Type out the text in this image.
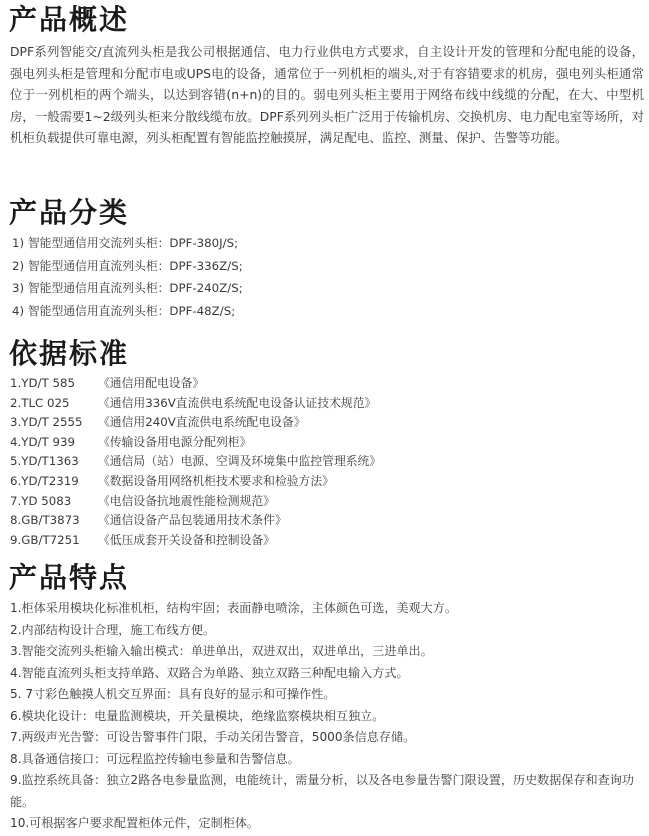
产品概述

DPF系列智能交/直流列头柜是我公司根据通信、电力行业供电方式要求，自主设计开发的管理和分配电能的设备，强电列头柜是管理和分配市电或UPS电的设备，通常位于一列机柜的端头,对于有容错要求的机房，强电列头柜通常位于一列机柜的两个端头，以达到容错(n+n)的目的。弱电列头柜主要用于网络布线中线缆的分配，在大、中型机房，一般需要1~2级列头柜来分散线缆布放。DPF系列列头柜广泛用于传输机房、交换机房、电力配电室等场所，对机柜负载提供可靠电源，列头柜配置有智能监控触摸屏，满足配电、监控、测量、保护、告警等功能。

产品分类
1) 智能型通信用交流列头柜：DPF-380J/S;
2) 智能型通信用直流列头柜：DPF-336Z/S;
3) 智能型通信用直流列头柜：DPF-240Z/S;
4) 智能型通信用直流列头柜：DPF-48Z/S;
依据标准
1.YD/T 585 《通信用配电设备》
2.TLC 025 《通信用336V直流供电系统配电设备认证技术规范》
3.YD/T 2555 《通信用240V直流供电系统配电设备》
4.YD/T 939 《传输设备用电源分配列柜》
5.YD/T1363 《通信局（站）电源、空调及环境集中监控管理系统》
6.YD/T2319 《数据设备用网络机柜技术要求和检验方法》
7.YD 5083 《电信设备抗地震性能检测规范》
8.GB/T3873 《通信设备产品包装通用技术条件》
9.GB/T7251 《低压成套开关设备和控制设备》
产品特点
1.柜体采用模块化标准机柜，结构牢固；表面静电喷涂，主体颜色可选，美观大方。
2.内部结构设计合理，施工布线方便。
3.智能交流列头柜输入输出模式：单进单出，双进双出，双进单出，三进单出。
4.智能直流列头柜支持单路、双路合为单路、独立双路三种配电输入方式。
5. 7寸彩色触摸人机交互界面：具有良好的显示和可操作性。
6.模块化设计：电量监测模块，开关量模块，绝缘监察模块相互独立。
7.两级声光告警：可设告警事件门限，手动关闭告警音，5000条信息存储。
8.具备通信接口：可远程监控传输电参量和告警信息。
9.监控系统具备：独立2路各电参量监测，电能统计，需量分析，以及各电参量告警门限设置，历史数据保存和查询功能。
10.可根据客户要求配置柜体元件，定制柜体。
